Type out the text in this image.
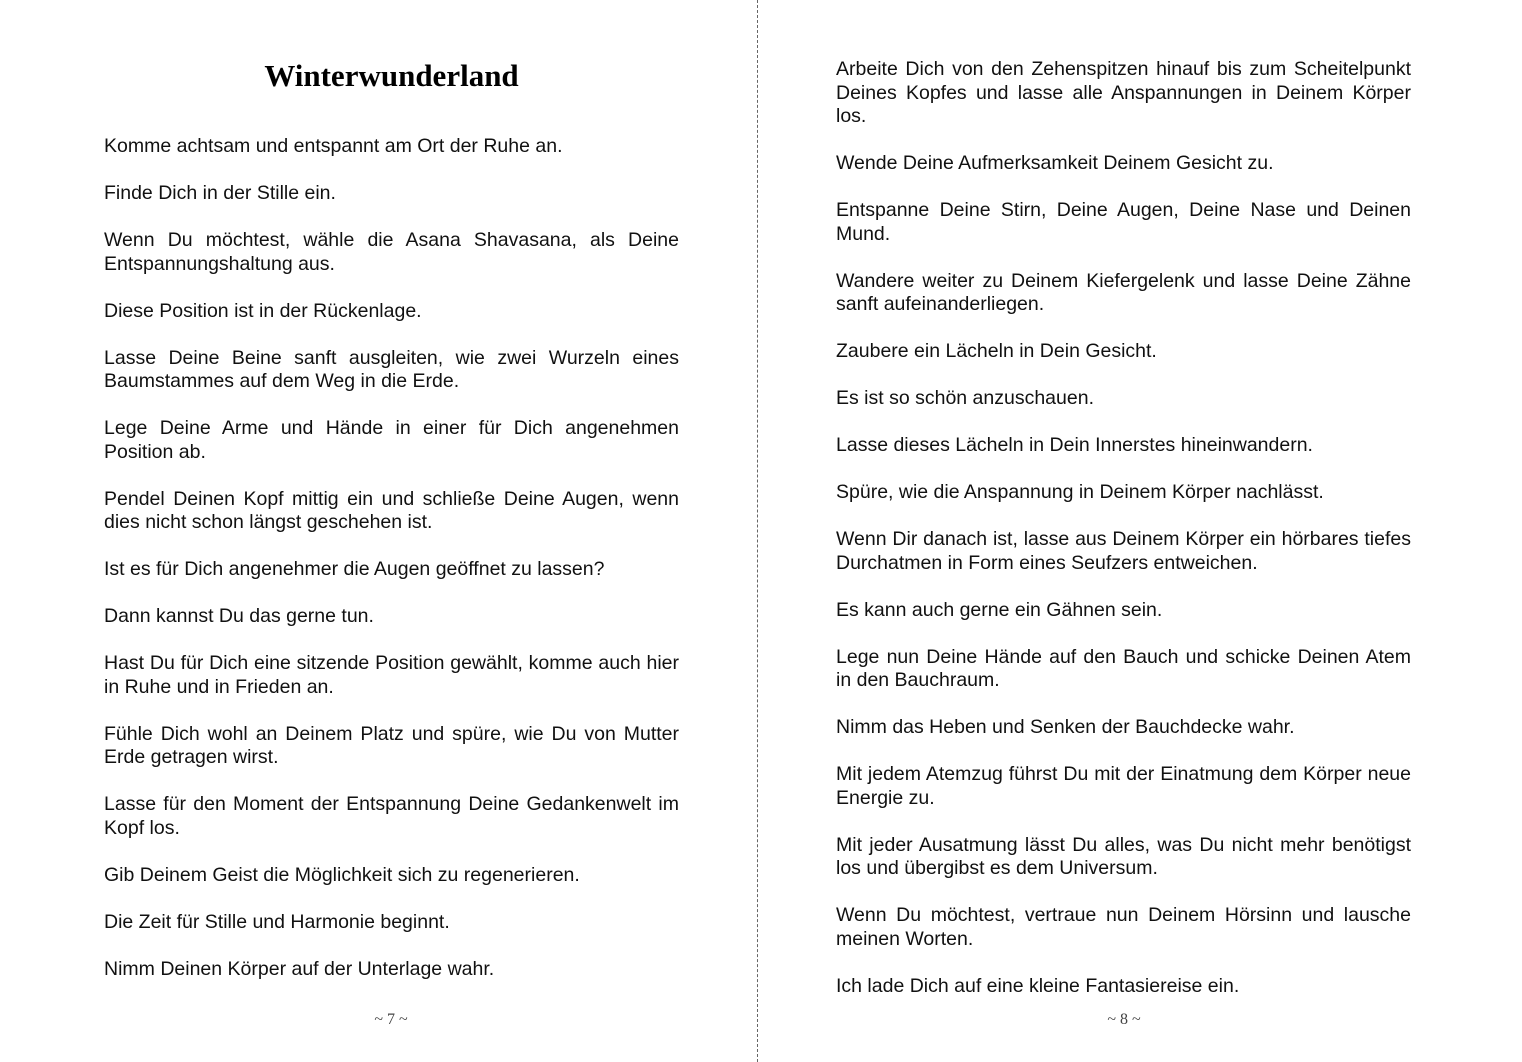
Winterwunderland

Komme achtsam und entspannt am Ort der Ruhe an.

Finde Dich in der Stille ein.

Wenn Du möchtest, wähle die Asana Shavasana, als Deine Entspannungshaltung aus.

Diese Position ist in der Rückenlage.

Lasse Deine Beine sanft ausgleiten, wie zwei Wurzeln eines Baumstammes auf dem Weg in die Erde.

Lege Deine Arme und Hände in einer für Dich angenehmen Position ab.

Pendel Deinen Kopf mittig ein und schließe Deine Augen, wenn dies nicht schon längst geschehen ist.

Ist es für Dich angenehmer die Augen geöffnet zu lassen?

Dann kannst Du das gerne tun.

Hast Du für Dich eine sitzende Position gewählt, komme auch hier in Ruhe und in Frieden an.

Fühle Dich wohl an Deinem Platz und spüre, wie Du von Mutter Erde getragen wirst.

Lasse für den Moment der Entspannung Deine Gedankenwelt im Kopf los.

Gib Deinem Geist die Möglichkeit sich zu regenerieren.

Die Zeit für Stille und Harmonie beginnt.

Nimm Deinen Körper auf der Unterlage wahr.

~ 7 ~

Arbeite Dich von den Zehenspitzen hinauf bis zum Scheitelpunkt Deines Kopfes und lasse alle Anspannungen in Deinem Körper los.

Wende Deine Aufmerksamkeit Deinem Gesicht zu.

Entspanne Deine Stirn, Deine Augen, Deine Nase und Deinen Mund.

Wandere weiter zu Deinem Kiefergelenk und lasse Deine Zähne sanft aufeinanderliegen.

Zaubere ein Lächeln in Dein Gesicht.

Es ist so schön anzuschauen.

Lasse dieses Lächeln in Dein Innerstes hineinwandern.

Spüre, wie die Anspannung in Deinem Körper nachlässt.

Wenn Dir danach ist, lasse aus Deinem Körper ein hörbares tiefes Durchatmen in Form eines Seufzers entweichen.

Es kann auch gerne ein Gähnen sein.

Lege nun Deine Hände auf den Bauch und schicke Deinen Atem in den Bauchraum.

Nimm das Heben und Senken der Bauchdecke wahr.

Mit jedem Atemzug führst Du mit der Einatmung dem Körper neue Energie zu.

Mit jeder Ausatmung lässt Du alles, was Du nicht mehr benötigst los und übergibst es dem Universum.

Wenn Du möchtest, vertraue nun Deinem Hörsinn und lausche meinen Worten.

Ich lade Dich auf eine kleine Fantasiereise ein.

~ 8 ~
